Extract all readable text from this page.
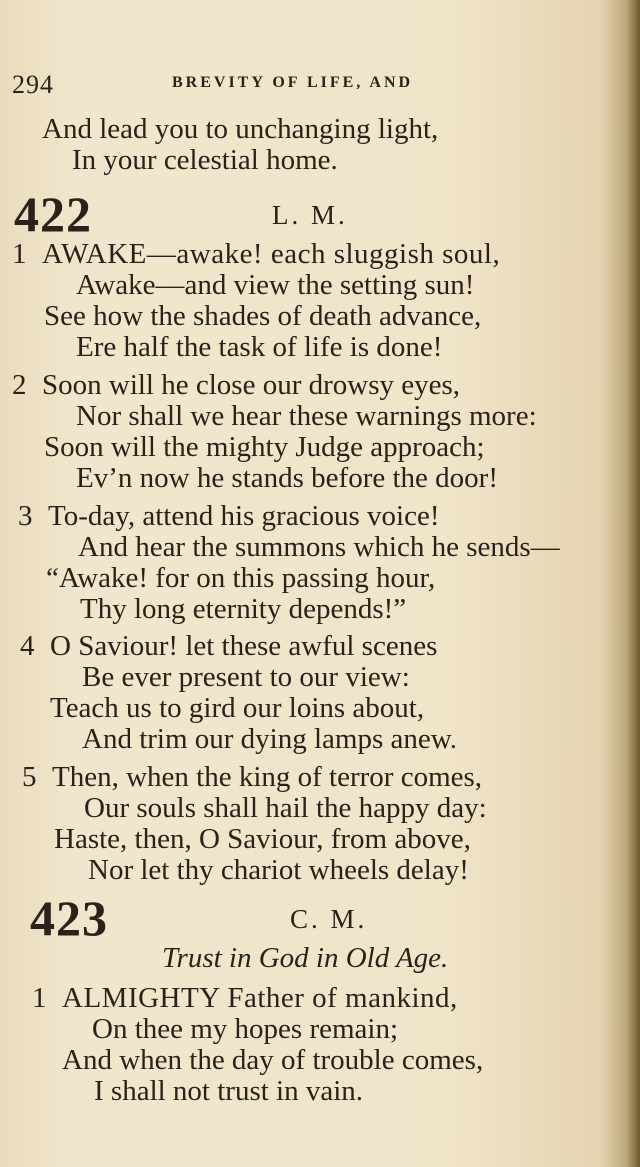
294	BREVITY OF LIFE, AND
And lead you to unchanging light,
In your celestial home.
422	L. M.
1 AWAKE—awake! each sluggish soul,
Awake—and view the setting sun!
See how the shades of death advance,
Ere half the task of life is done!
2 Soon will he close our drowsy eyes,
Nor shall we hear these warnings more:
Soon will the mighty Judge approach;
Ev’n now he stands before the door!
3 To-day, attend his gracious voice!
And hear the summons which he sends—
“Awake! for on this passing hour,
Thy long eternity depends!”
4 O Saviour! let these awful scenes
Be ever present to our view:
Teach us to gird our loins about,
And trim our dying lamps anew.
5 Then, when the king of terror comes,
Our souls shall hail the happy day:
Haste, then, O Saviour, from above,
Nor let thy chariot wheels delay!
423	C. M.
Trust in God in Old Age.
1 ALMIGHTY Father of mankind,
On thee my hopes remain;
And when the day of trouble comes,
I shall not trust in vain.
